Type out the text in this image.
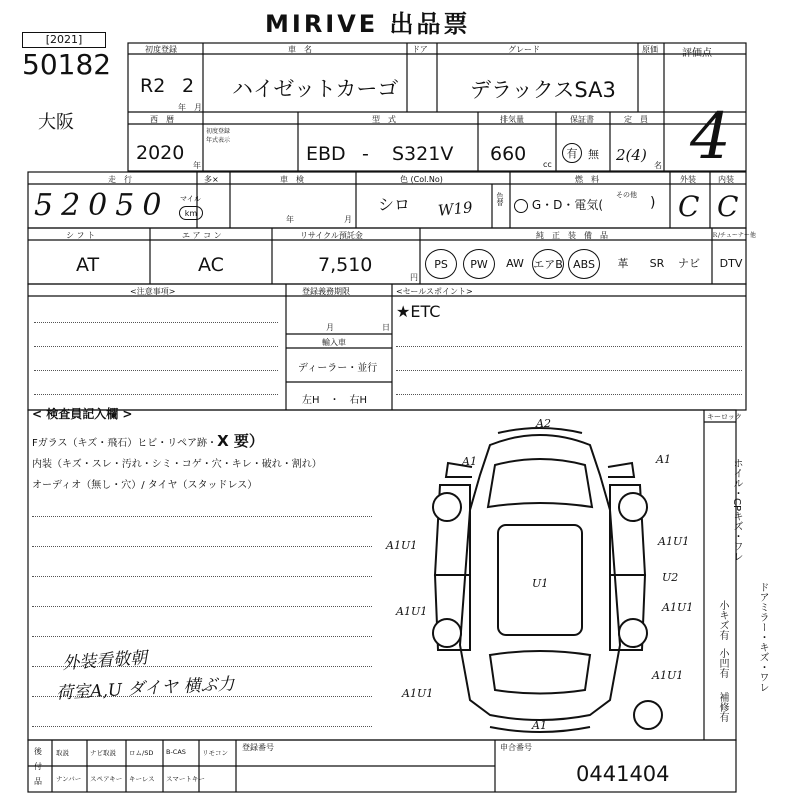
MIRIVE 出品票
[2021]
50182
大阪
初度登録
R2 2
年 月
車　名
ハイゼットカーゴ
ドア	グレード
デラックスSA3
原価 評価点
4
西　暦
2020
年
初度登録
年式表示
型　式
EBD - S321V
排気量
660 cc
保証書
有 無
定　員
2(4)
名
走　行
52050 マイル
km
多×	車　検
年	月
色 (Col.No)
シロ W19	色替
燃　料
G・D・電気(
その他 )
外装
C
内装
C
シ フ ト
AT
エ ア コ ン
AC
リサイクル預託金
7,510
円
純　正　装　備　品	Ｒ/チューナー他
PS	PW	AW エアB ABS	革	SR	ナビ	DTV
<注意事項>	登録義務期限
月	日
輸入車
ディーラー・並行
左H　・　右H
<セールスポイント>
★ETC
< 検査員記入欄 >
Fガラス（キズ・飛石）ヒビ・リペア跡・X 要）
内装（キズ・スレ・汚れ・シミ・コゲ・穴・キレ・破れ・割れ）
オーディオ（無し・穴）/ タイヤ（スタッドレス）
外装看敬朝
荷室A,U ダイヤ 横ぶ力
キーロック
ホイル・CPキズ・ワレ
ドアミラー・キズ・ワレ
小キズ有
小凹有
補修有
A2
A1	A1
A1U1	A1U1
U1	U2
A1U1	A1U1
A1U1
A1U1
A1
後
付
品
取説	ナビ取説 ロム/SD B-CAS リモコン
ナンバー スペアキー キーレス スマートキー
登録番号	申合番号
0441404
